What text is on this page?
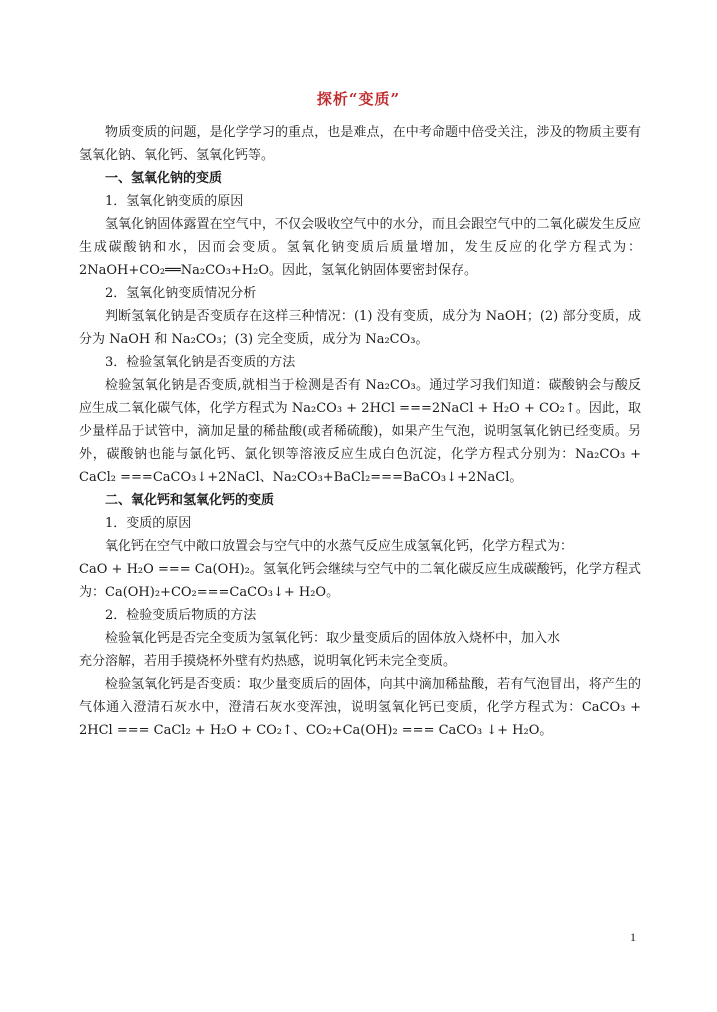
探析“变质”

物质变质的问题，是化学学习的重点，也是难点，在中考命题中倍受关注，涉及的物质主要有氢氧化钠、氧化钙、氢氧化钙等。

一、氢氧化钠的变质

1．氢氧化钠变质的原因

氢氧化钠固体露置在空气中，不仅会吸收空气中的水分，而且会跟空气中的二氧化碳发生反应生成碳酸钠和水，因而会变质。氢氧化钠变质后质量增加，发生反应的化学方程式为：2NaOH+CO₂══Na₂CO₃+H₂O。因此，氢氧化钠固体要密封保存。

2．氢氧化钠变质情况分析

判断氢氧化钠是否变质存在这样三种情况：(1) 没有变质，成分为 NaOH；(2) 部分变质，成分为 NaOH 和 Na₂CO₃；(3) 完全变质，成分为 Na₂CO₃。

3．检验氢氧化钠是否变质的方法

检验氢氧化钠是否变质,就相当于检测是否有 Na₂CO₃。通过学习我们知道：碳酸钠会与酸反应生成二氧化碳气体，化学方程式为 Na₂CO₃ + 2HCl ===2NaCl + H₂O + CO₂↑。因此，取少量样品于试管中，滴加足量的稀盐酸(或者稀硫酸)，如果产生气泡，说明氢氧化钠已经变质。另外，碳酸钠也能与氯化钙、氯化钡等溶液反应生成白色沉淀，化学方程式分别为：Na₂CO₃ + CaCl₂ ===CaCO₃↓+2NaCl、Na₂CO₃+BaCl₂===BaCO₃↓+2NaCl。

二、氧化钙和氢氧化钙的变质

1．变质的原因

氧化钙在空气中敞口放置会与空气中的水蒸气反应生成氢氧化钙，化学方程式为：

CaO + H₂O === Ca(OH)₂。氢氧化钙会继续与空气中的二氧化碳反应生成碳酸钙，化学方程式为：Ca(OH)₂+CO₂===CaCO₃↓+ H₂O。

2．检验变质后物质的方法

检验氧化钙是否完全变质为氢氧化钙：取少量变质后的固体放入烧杯中，加入水

充分溶解，若用手摸烧杯外壁有灼热感，说明氧化钙未完全变质。

检验氢氧化钙是否变质：取少量变质后的固体，向其中滴加稀盐酸，若有气泡冒出，将产生的气体通入澄清石灰水中，澄清石灰水变浑浊，说明氢氧化钙已变质，化学方程式为：CaCO₃ + 2HCl === CaCl₂ + H₂O + CO₂↑、CO₂+Ca(OH)₂ === CaCO₃ ↓+ H₂O。

1
